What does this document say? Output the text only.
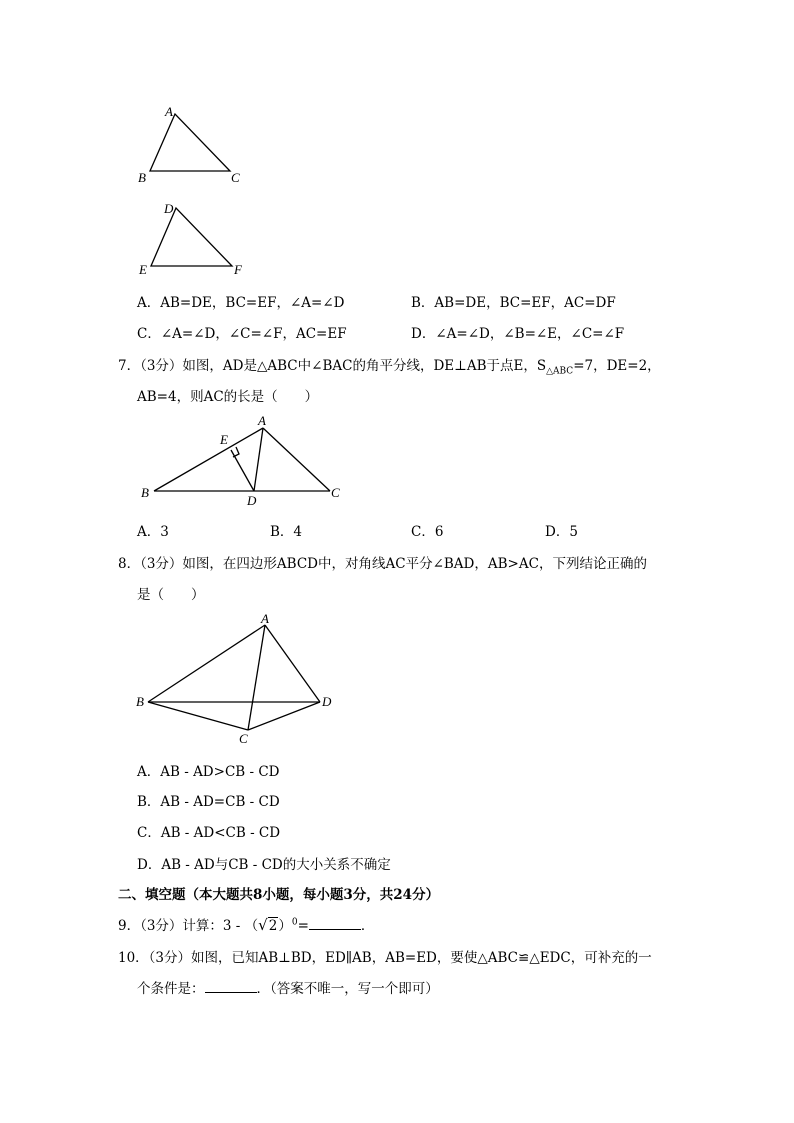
A
B	C
D
E	F
A．AB=DE，BC=EF，∠A=∠D	B．AB=DE，BC=EF，AC=DF
C．∠A=∠D，∠C=∠F，AC=EF	D．∠A=∠D，∠B=∠E，∠C=∠F
7．（3分）如图，AD是△ABC中∠BAC的角平分线，DE⊥AB于点E，$S_{\triangle ABC}=7$，DE=2，
AB=4，则AC的长是（　　）
A
E
B
D
C
A．3	B．4	C．6	D．5
8．（3分）如图，在四边形ABCD中，对角线AC平分∠BAD，AB>AC，下列结论正确的
是（　　）
A
B	D
C
A．AB - AD>CB - CD
B．AB - AD=CB - CD
C．AB - AD<CB - CD
D．AB - AD与CB - CD的大小关系不确定
二、填空题（本大题共8小题，每小题3分，共24分）
9．（3分）计算：$3 - (√2)^0=$	．
10．（3分）如图，已知AB⊥BD，ED∥AB，AB=ED，要使△ABC≌△EDC，可补充的一
个条件是：	．（答案不唯一，写一个即可）
